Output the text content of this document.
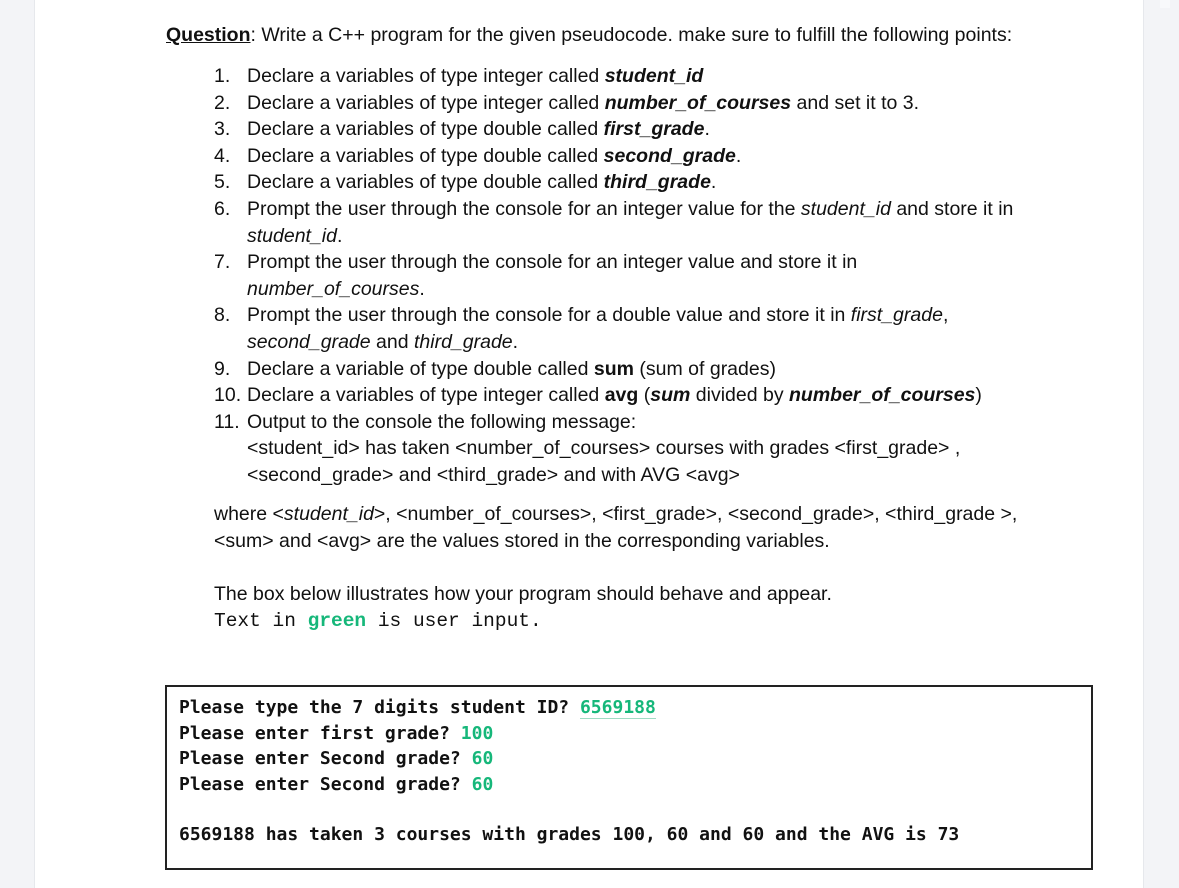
Question: Write a C++ program for the given pseudocode. make sure to fulfill the following points:

1. Declare a variables of type integer called student_id
2. Declare a variables of type integer called number_of_courses and set it to 3.
3. Declare a variables of type double called first_grade.
4. Declare a variables of type double called second_grade.
5. Declare a variables of type double called third_grade.
6. Prompt the user through the console for an integer value for the student_id and store it in student_id.
7. Prompt the user through the console for an integer value and store it in number_of_courses.
8. Prompt the user through the console for a double value and store it in first_grade, second_grade and third_grade.
9. Declare a variable of type double called sum (sum of grades)
10. Declare a variables of type integer called avg (sum divided by number_of_courses)
11. Output to the console the following message:
<student_id> has taken <number_of_courses> courses with grades <first_grade> ,
<second_grade> and <third_grade> and with AVG <avg>

where <student_id>, <number_of_courses>, <first_grade>, <second_grade>, <third_grade >, <sum> and <avg> are the values stored in the corresponding variables.

The box below illustrates how your program should behave and appear.
Text in green is user input.
Please type the 7 digits student ID? 6569188
Please enter first grade? 100
Please enter Second grade? 60
Please enter Second grade? 60
6569188 has taken 3 courses with grades 100, 60 and 60 and the AVG is 73
